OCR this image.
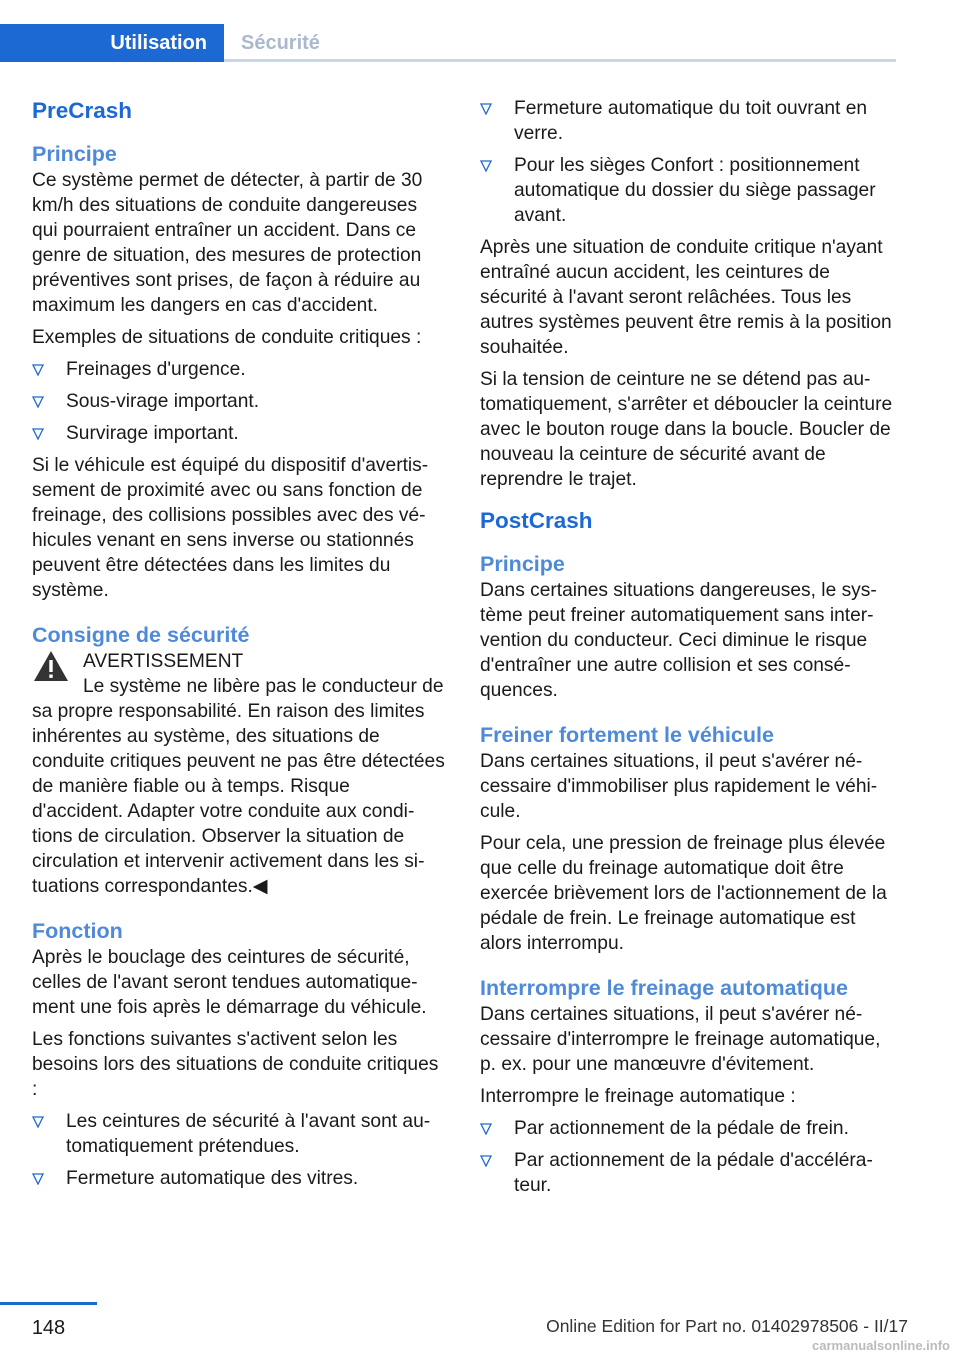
Utilisation	Sécurité
PreCrash
Principe

Ce système permet de détecter, à partir de 30 km/h des situations de conduite dangereuses qui pourraient entraîner un accident. Dans ce genre de situation, des mesures de protection préventives sont prises, de façon à réduire au maximum les dangers en cas d'accident.

Exemples de situations de conduite critiques :

Freinages d'urgence.
Sous-virage important.
Survirage important.

Si le véhicule est équipé du dispositif d'avertissement de proximité avec ou sans fonction de freinage, des collisions possibles avec des véhicules venant en sens inverse ou stationnés peuvent être détectées dans les limites du système.

Consigne de sécurité

AVERTISSEMENT

Le système ne libère pas le conducteur de sa propre responsabilité. En raison des limites inhérentes au système, des situations de conduite critiques peuvent ne pas être détectées de manière fiable ou à temps. Risque d'accident. Adapter votre conduite aux conditions de circulation. Observer la situation de circulation et intervenir activement dans les situations correspondantes.◀

Fonction

Après le bouclage des ceintures de sécurité, celles de l'avant seront tendues automatiquement une fois après le démarrage du véhicule.

Les fonctions suivantes s'activent selon les besoins lors des situations de conduite critiques :

Les ceintures de sécurité à l'avant sont automatiquement prétendues.
Fermeture automatique des vitres.
Fermeture automatique du toit ouvrant en verre.
Pour les sièges Confort : positionnement automatique du dossier du siège passager avant.

Après une situation de conduite critique n'ayant entraîné aucun accident, les ceintures de sécurité à l'avant seront relâchées. Tous les autres systèmes peuvent être remis à la position souhaitée.

Si la tension de ceinture ne se détend pas automatiquement, s'arrêter et déboucler la ceinture avec le bouton rouge dans la boucle. Boucler de nouveau la ceinture de sécurité avant de reprendre le trajet.

PostCrash
Principe

Dans certaines situations dangereuses, le système peut freiner automatiquement sans intervention du conducteur. Ceci diminue le risque d'entraîner une autre collision et ses conséquences.

Freiner fortement le véhicule

Dans certaines situations, il peut s'avérer nécessaire d'immobiliser plus rapidement le véhicule.

Pour cela, une pression de freinage plus élevée que celle du freinage automatique doit être exercée brièvement lors de l'actionnement de la pédale de frein. Le freinage automatique est alors interrompu.

Interrompre le freinage automatique

Dans certaines situations, il peut s'avérer nécessaire d'interrompre le freinage automatique, p. ex. pour une manœuvre d'évitement.

Interrompre le freinage automatique :

Par actionnement de la pédale de frein.
Par actionnement de la pédale d'accélérateur.
148	Online Edition for Part no. 01402978506 - II/17
carmanualsonline.info
